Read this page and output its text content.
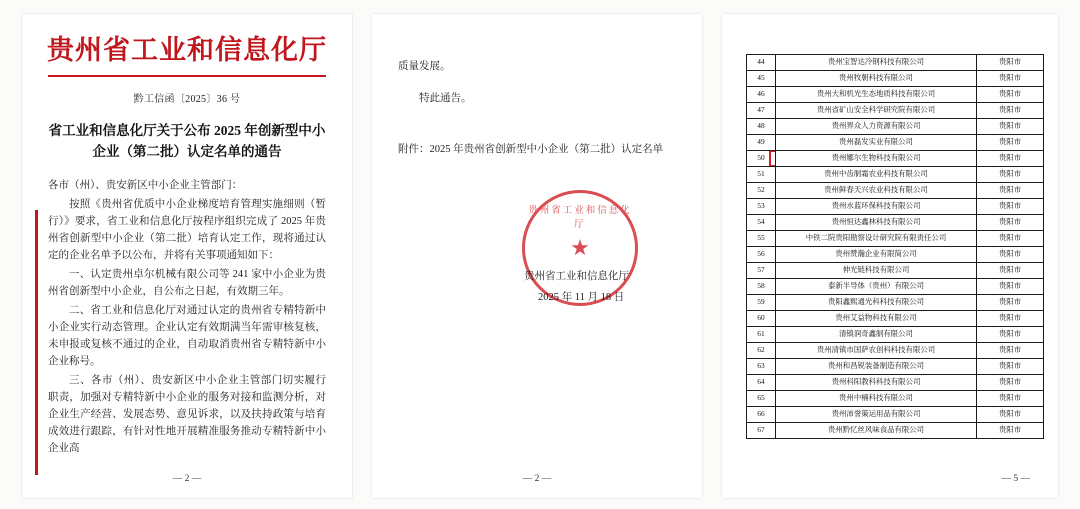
贵州省工业和信息化厅
黔工信函〔2025〕36 号
省工业和信息化厅关于公布 2025 年创新型中小企业（第二批）认定名单的通告

各市（州）、贵安新区中小企业主管部门：

按照《贵州省优质中小企业梯度培育管理实施细则（暂行）》要求，省工业和信息化厅按程序组织完成了 2025 年贵州省创新型中小企业（第二批）培育认定工作，现将通过认定的企业名单予以公布，并将有关事项通知如下：

一、认定贵州卓尔机械有限公司等 241 家中小企业为贵州省创新型中小企业，自公布之日起，有效期三年。

二、省工业和信息化厅对通过认定的贵州省专精特新中小企业实行动态管理。企业认定有效期满当年需审核复核，未申报或复核不通过的企业，自动取消贵州省专精特新中小企业称号。

三、各市（州）、贵安新区中小企业主管部门切实履行职责，加强对专精特新中小企业的服务对接和监测分析，对企业生产经营、发展态势、意见诉求，以及扶持政策与培育成效进行跟踪，有针对性地开展精准服务推动专精特新中小企业高

— 2 —

质量发展。

特此通告。

附件：2025 年贵州省创新型中小企业（第二批）认定名单
贵州省工业和信息化厅
★
贵州省工业和信息化厅
2025 年 11 月 18 日
— 2 —
44	贵州宝智达冷钢科技有限公司	贵阳市
45	贵州牧朝科技有限公司	贵阳市
46	贵州大和机光生态地质科技有限公司	贵阳市
47	贵州省矿山安全科学研究院有限公司	贵阳市
48	贵州界众人力资源有限公司	贵阳市
49	贵州磊发实业有限公司	贵阳市
50	贵州娜尔生物科技有限公司	贵阳市
51	贵州中齿制霜农业科技有限公司	贵阳市
52	贵州鲜春天兴农业科技有限公司	贵阳市
53	贵州水蓝环保科技有限公司	贵阳市
54	贵州恒达鑫林科技有限公司	贵阳市
55	中铁二院贵阳勘察设计研究院有限责任公司	贵阳市
56	贵州赞瀚企业有限简公司	贵阳市
57	伸光链科技有限公司	贵阳市
58	泰新半导体（贵州）有限公司	贵阳市
59	贵阳鑫熙通光科科技有限公司	贵阳市
60	贵州艾益物科技有限公司	贵阳市
61	清镇润奇鑫制有限公司	贵阳市
62	贵州清镇市国萨农创科科技有限公司	贵阳市
63	贵州和昌锐装备制造有限公司	贵阳市
64	贵州科阳教科科技有限公司	贵阳市
65	贵州中楠科技有限公司	贵阳市
66	贵州沛誉策运用品有限公司	贵阳市
67	贵州黔忆丝风味食品有限公司	贵阳市
— 5 —
